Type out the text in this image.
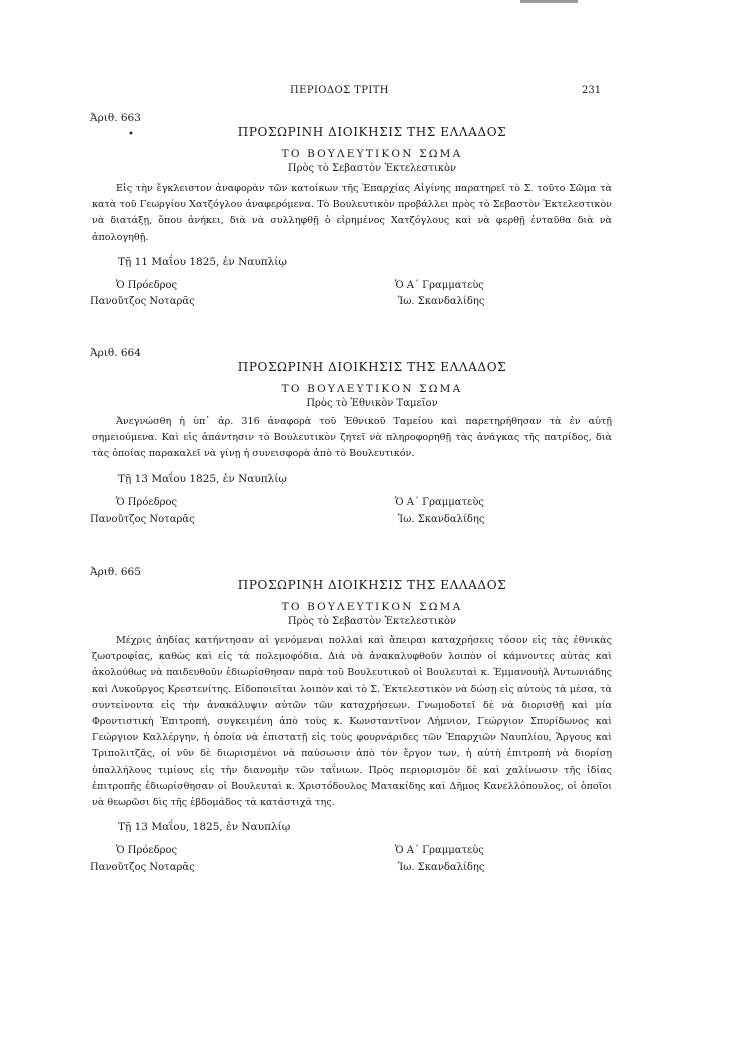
ΠΕΡΙΟΔΟΣ ΤΡΙΤΗ	231
Ἀριθ. 663
•	ΠΡΟΣΩΡΙΝΗ ΔΙΟΙΚΗΣΙΣ ΤΗΣ ΕΛΛΑΔΟΣ
ΤΟ ΒΟΥΛΕΥΤΙΚΟΝ ΣΩΜΑ
Πρὸς τὸ Σεβαστὸν Ἐκτελεστικὸν

Εἰς τὴν ἔγκλειστον ἀναφορὰν τῶν κατοίκων τῆς Ἐπαρχίας Αἰγίνης παρατηρεῖ τὸ Σ. τοῦτο Σῶμα τὰ κατὰ τοῦ Γεωργίου Χατζόγλου ἀναφερόμενα. Τὸ Βουλευτικὸν προβάλλει πρὸς τὸ Σεβαστὸν Ἐκτελεστικὸν νὰ διατάξῃ, ὅπου ἀνήκει, διὰ νὰ συλληφθῇ ὁ εἰρημένος Χατζόγλους καὶ νὰ φερθῇ ἐνταῦθα διὰ νὰ ἀπολογηθῇ.

Τῇ 11 Μαΐου 1825, ἐν Ναυπλίῳ
Ὁ Πρόεδρος
Πανοῦτζος Νοταρᾶς
Ὁ Α΄ Γραμματεὺς
Ἰω. Σκανδαλίδης
Ἀριθ. 664
ΠΡΟΣΩΡΙΝΗ ΔΙΟΙΚΗΣΙΣ ΤΗΣ ΕΛΛΑΔΟΣ
ΤΟ ΒΟΥΛΕΥΤΙΚΟΝ ΣΩΜΑ
Πρὸς τὸ Ἐθνικὸν Ταμεῖον

Ἀνεγνώσθη ἡ ὑπ᾽ ἀρ. 316 ἀναφορὰ τοῦ Ἐθνικοῦ Ταμείου καὶ παρετηρήθησαν τὰ ἐν αὐτῇ σημειούμενα. Καὶ εἰς ἀπάντησιν τὸ Βουλευτικὸν ζητεῖ νὰ πληροφορηθῇ τὰς ἀνάγκας τῆς πατρίδος, διὰ τὰς ὁποίας παρακαλεῖ νὰ γίνῃ ἡ συνεισφορὰ ἀπὸ τὸ Βουλευτικόν.

Τῇ 13 Μαΐου 1825, ἐν Ναυπλίῳ
Ὁ Πρόεδρος
Πανοῦτζος Νοταρᾶς
Ὁ Α΄ Γραμματεὺς
Ἰω. Σκανδαλίδης
Ἀριθ. 665
ΠΡΟΣΩΡΙΝΗ ΔΙΟΙΚΗΣΙΣ ΤΗΣ ΕΛΛΑΔΟΣ
ΤΟ ΒΟΥΛΕΥΤΙΚΟΝ ΣΩΜΑ
Πρὸς τὸ Σεβαστὸν Ἐκτελεστικὸν

Μέχρις ἀηδίας κατήντησαν αἱ γενόμεναι πολλαὶ καὶ ἄπειραι καταχρήσεις τόσον εἰς τὰς ἐθνικὰς ζωοτροφίας, καθὼς καὶ εἰς τὰ πολεμοφόδια. Διὰ νὰ ἀνακαλυφθοῦν λοιπὸν οἱ κάμνοντες αὐτὰς καὶ ἀκολούθως νὰ παιδευθοῦν ἐδιωρίσθησαν παρὰ τοῦ Βουλευτικοῦ οἱ Βουλευταὶ κ. Ἐμμανουὴλ Ἀντωνιάδης καὶ Λυκοῦργος Κρεστενίτης. Εἰδοποιεῖται λοιπὸν καὶ τὸ Σ. Ἐκτελεστικὸν νὰ δώσῃ εἰς αὐτοὺς τὰ μέσα, τὰ συντείνοντα εἰς τὴν ἀνακάλυψιν αὐτῶν τῶν καταχρήσεων. Γνωμοδοτεῖ δὲ νὰ διορισθῇ καὶ μία Φροντιστικὴ Ἐπιτροπή, συγκειμένη ἀπὸ τοὺς κ. Κωνσταντῖνον Λήμνιον, Γεώργιον Σπυρίδωνος καὶ Γεώργιον Καλλέργην, ἡ ὁποία νὰ ἐπιστατῇ εἰς τοὺς φουρνάριδες τῶν Ἐπαρχιῶν Ναυπλίου, Ἄργους καὶ Τριπολιτζᾶς, οἱ νῦν δὲ διωρισμένοι νὰ παύσωσιν ἀπὸ τὸν ἔργον των, ἡ αὐτὴ ἐπιτροπὴ νὰ διορίσῃ ὑπαλλήλους τιμίους εἰς τὴν διανομὴν τῶν ταΐνιων. Πρὸς περιορισμὸν δὲ καὶ χαλίνωσιν τῆς ἰδίας ἐπιτροπῆς ἐδιωρίσθησαν οἱ Βουλευταὶ κ. Χριστόδουλος Ματακίδης καὶ Δῆμος Κανελλόπουλος, οἱ ὁποῖοι νὰ θεωρῶσι δὶς τῆς ἑβδομάδος τὰ κατάστιχά της.

Τῇ 13 Μαΐου, 1825, ἐν Ναυπλίῳ
Ὁ Πρόεδρος
Πανοῦτζος Νοταρᾶς
Ὁ Α΄ Γραμματεὺς
Ἰω. Σκανδαλίδης
